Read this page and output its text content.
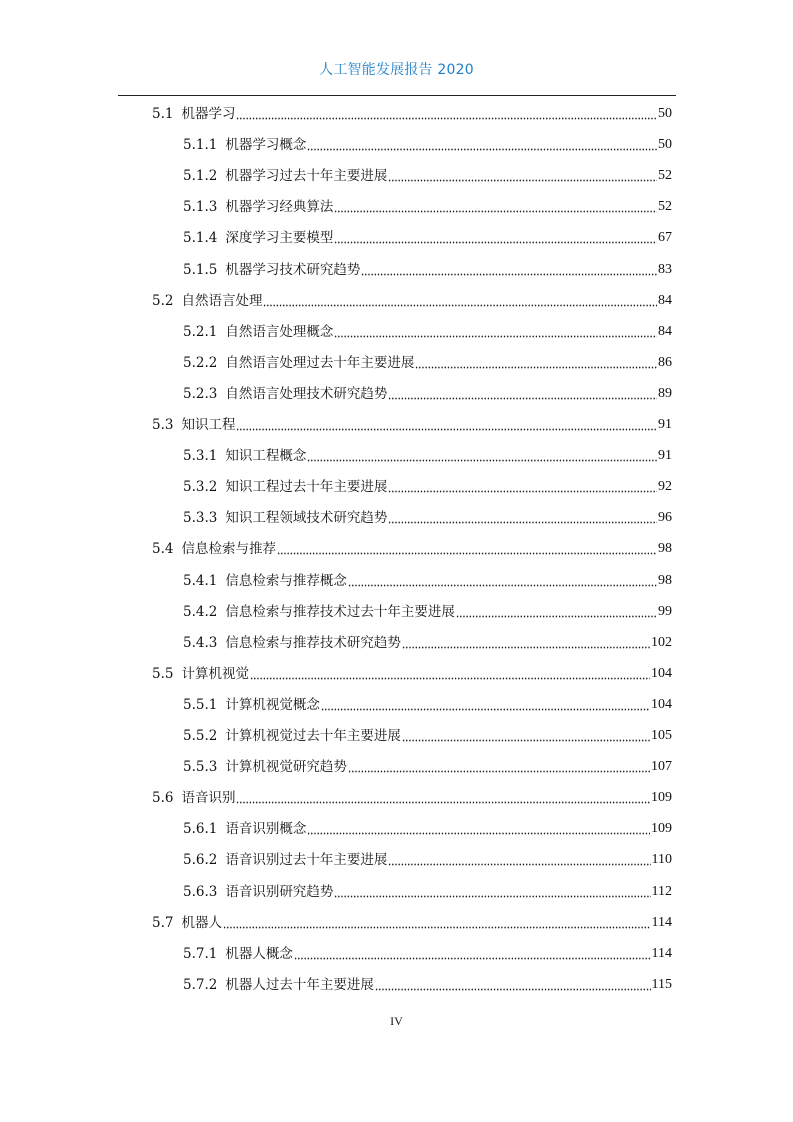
人工智能发展报告 2020
5.1 机器学习	50
5.1.1 机器学习概念	50
5.1.2 机器学习过去十年主要进展	52
5.1.3 机器学习经典算法	52
5.1.4 深度学习主要模型	67
5.1.5 机器学习技术研究趋势	83
5.2 自然语言处理	84
5.2.1 自然语言处理概念	84
5.2.2 自然语言处理过去十年主要进展	86
5.2.3 自然语言处理技术研究趋势	89
5.3 知识工程	91
5.3.1 知识工程概念	91
5.3.2 知识工程过去十年主要进展	92
5.3.3 知识工程领域技术研究趋势	96
5.4 信息检索与推荐	98
5.4.1 信息检索与推荐概念	98
5.4.2 信息检索与推荐技术过去十年主要进展	99
5.4.3 信息检索与推荐技术研究趋势	102
5.5 计算机视觉	104
5.5.1 计算机视觉概念	104
5.5.2 计算机视觉过去十年主要进展	105
5.5.3 计算机视觉研究趋势	107
5.6 语音识别	109
5.6.1 语音识别概念	109
5.6.2 语音识别过去十年主要进展	110
5.6.3 语音识别研究趋势	112
5.7 机器人	114
5.7.1 机器人概念	114
5.7.2 机器人过去十年主要进展	115
IV
